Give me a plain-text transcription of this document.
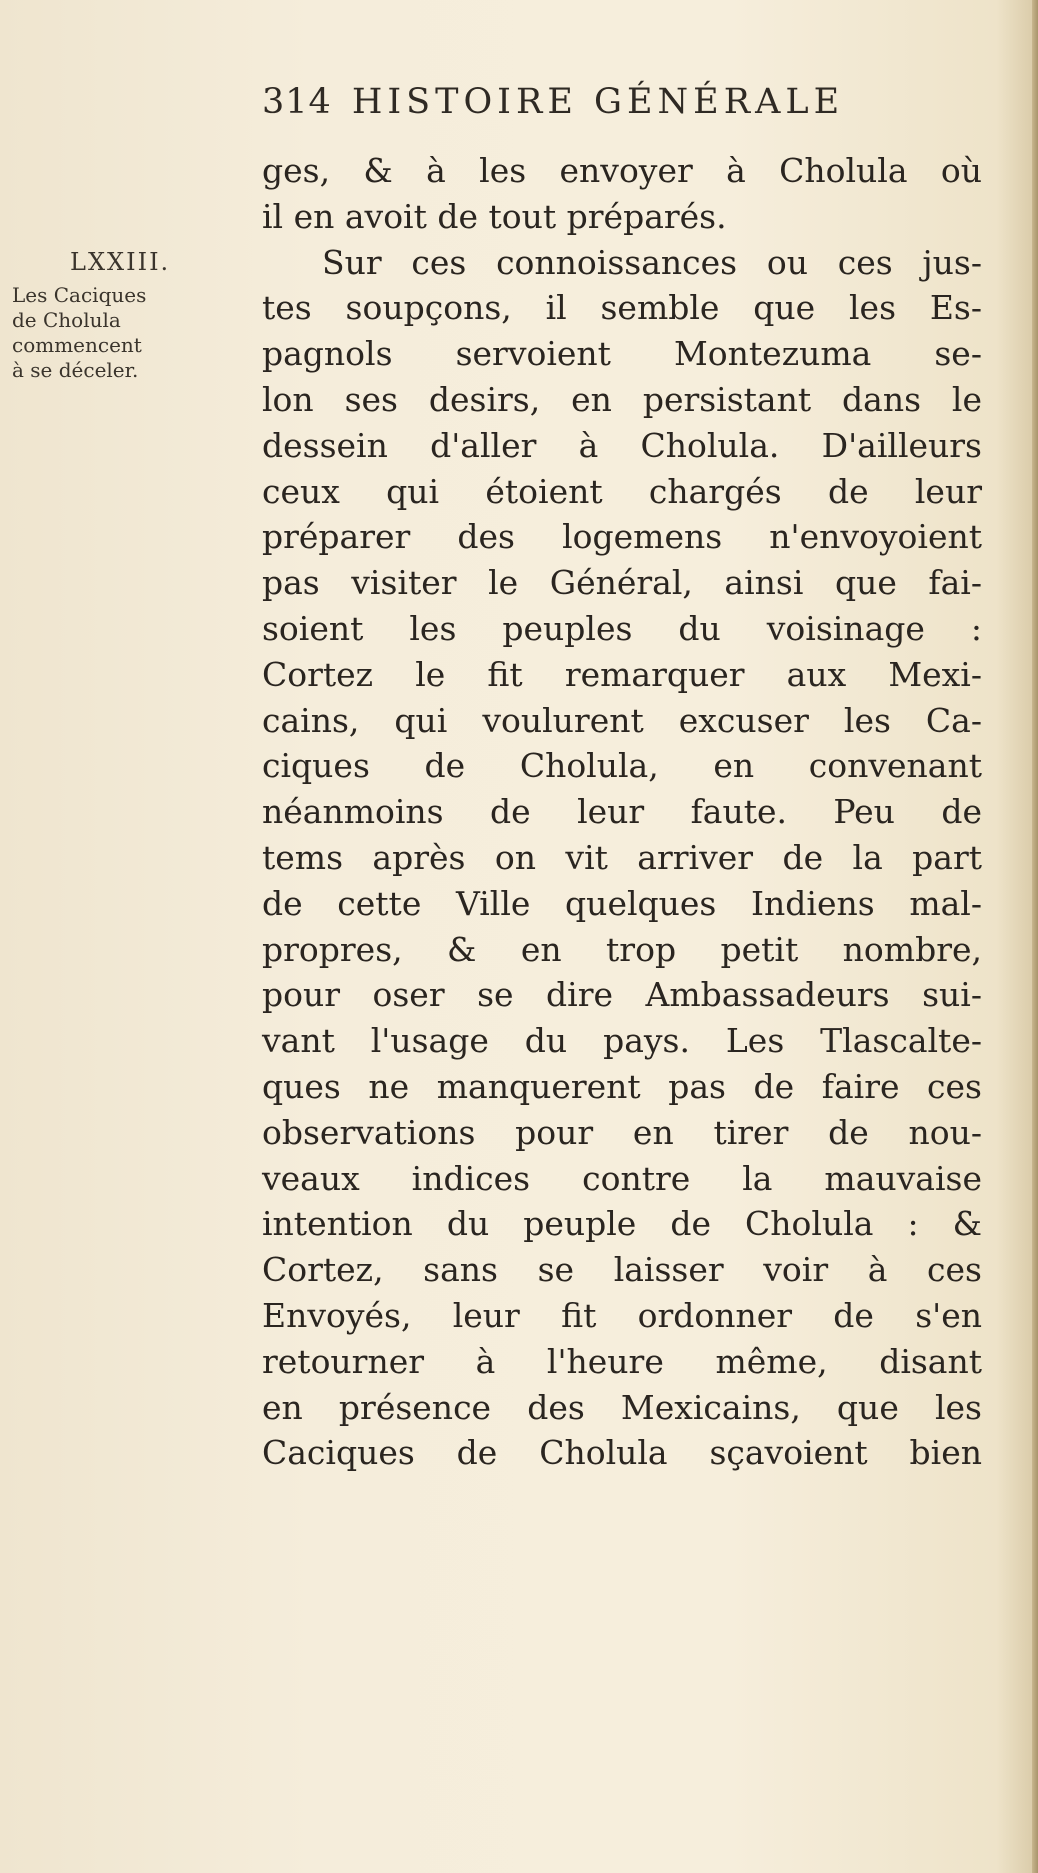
314 HISTOIRE GÉNÉRALE
LXXIII.
Les Caciques
de Cholula
commencent
à se déceler.
ges, & à les envoyer à Cholula où
il en avoit de tout préparés.
Sur ces connoissances ou ces jus-
tes soupçons, il semble que les Es-
pagnols servoient Montezuma se-
lon ses desirs, en persistant dans le
dessein d'aller à Cholula. D'ailleurs
ceux qui étoient chargés de leur
préparer des logemens n'envoyoient
pas visiter le Général, ainsi que fai-
soient les peuples du voisinage :
Cortez le fit remarquer aux Mexi-
cains, qui voulurent excuser les Ca-
ciques de Cholula, en convenant
néanmoins de leur faute. Peu de
tems après on vit arriver de la part
de cette Ville quelques Indiens mal-
propres, & en trop petit nombre,
pour oser se dire Ambassadeurs sui-
vant l'usage du pays. Les Tlascalte-
ques ne manquerent pas de faire ces
observations pour en tirer de nou-
veaux indices contre la mauvaise
intention du peuple de Cholula : &
Cortez, sans se laisser voir à ces
Envoyés, leur fit ordonner de s'en
retourner à l'heure même, disant
en présence des Mexicains, que les
Caciques de Cholula sçavoient bien
